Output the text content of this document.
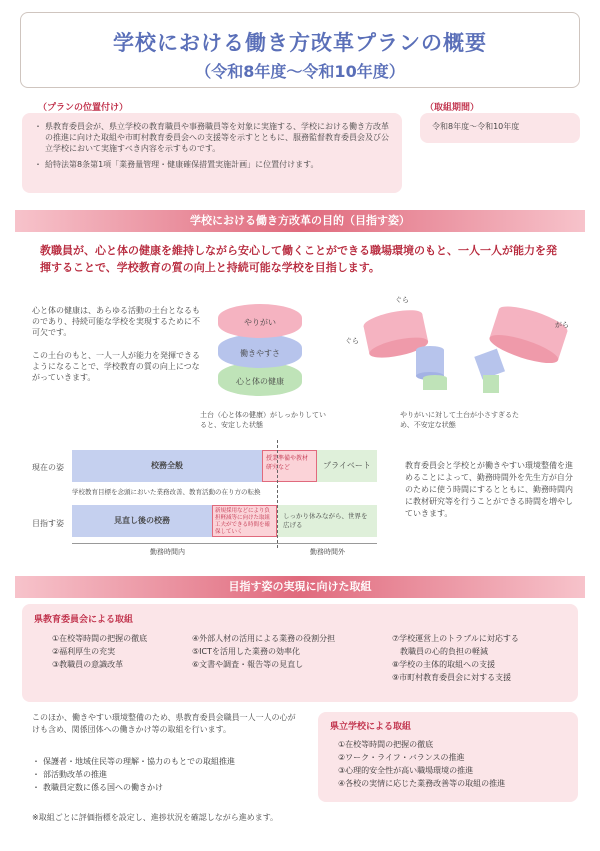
学校における働き方改革プランの概要
（令和8年度～令和10年度）
（プランの位置付け）
・ 県教育委員会が、県立学校の教育職員や事務職員等を対象に実施する、学校における働き方改革の推進に向けた取組や市町村教育委員会への支援等を示すとともに、服務監督教育委員会及び公立学校において実施すべき内容を示すものです。
・ 給特法第8条第1項「業務量管理・健康確保措置実施計画」に位置付けます。
（取組期間）
令和8年度～令和10年度
学校における働き方改革の目的（目指す姿）
教職員が、心と体の健康を維持しながら安心して働くことができる職場環境のもと、一人一人が能力を発揮することで、学校教育の質の向上と持続可能な学校を目指します。
心と体の健康は、あらゆる活動の土台となるものであり、持続可能な学校を実現するために不可欠です。
この土台のもと、一人一人が能力を発揮できるようになることで、学校教育の質の向上につながっていきます。
やりがい
働きやすさ
心と体の健康
土台（心と体の健康）がしっかりしていると、安定した状態
ぐら
ぐら
がら
やりがいに対して土台が小さすぎるため、不安定な状態
現在の姿
目指す姿
校務全般
授業準備や教材研究など	プライベート
学校教育目標を念頭においた業務改善、教育活動の在り方の転換
見直し後の校務
新規採用などにより負担軽減等に向けた取組工夫ができる時間を確保していく
しっかり休みながら、世界を広げる
勤務時間内	勤務時間外
教育委員会と学校とが働きやすい環境整備を進めることによって、勤務時間外を先生方が自分のために使う時間にするとともに、勤務時間内に教材研究等を行うことができる時間を増やしていきます。
目指す姿の実現に向けた取組
県教育委員会による取組
①在校等時間の把握の徹底
②福利厚生の充実
③教職員の意識改革
④外部人材の活用による業務の役割分担
⑤ICTを活用した業務の効率化
⑥文書や調査・報告等の見直し
⑦学校運営上のトラブルに対応する
　教職員の心的負担の軽減
⑧学校の主体的取組への支援
⑨市町村教育委員会に対する支援
このほか、働きやすい環境整備のため、県教育委員会職員一人一人の心がけも含め、関係団体への働きかけ等の取組を行います。
・ 保護者・地域住民等の理解・協力のもとでの取組推進
・ 部活動改革の推進
・ 教職員定数に係る国への働きかけ
県立学校による取組
①在校等時間の把握の徹底
②ワーク・ライフ・バランスの推進
③心理的安全性が高い職場環境の推進
④各校の実情に応じた業務改善等の取組の推進
※取組ごとに評価指標を設定し、進捗状況を確認しながら進めます。
